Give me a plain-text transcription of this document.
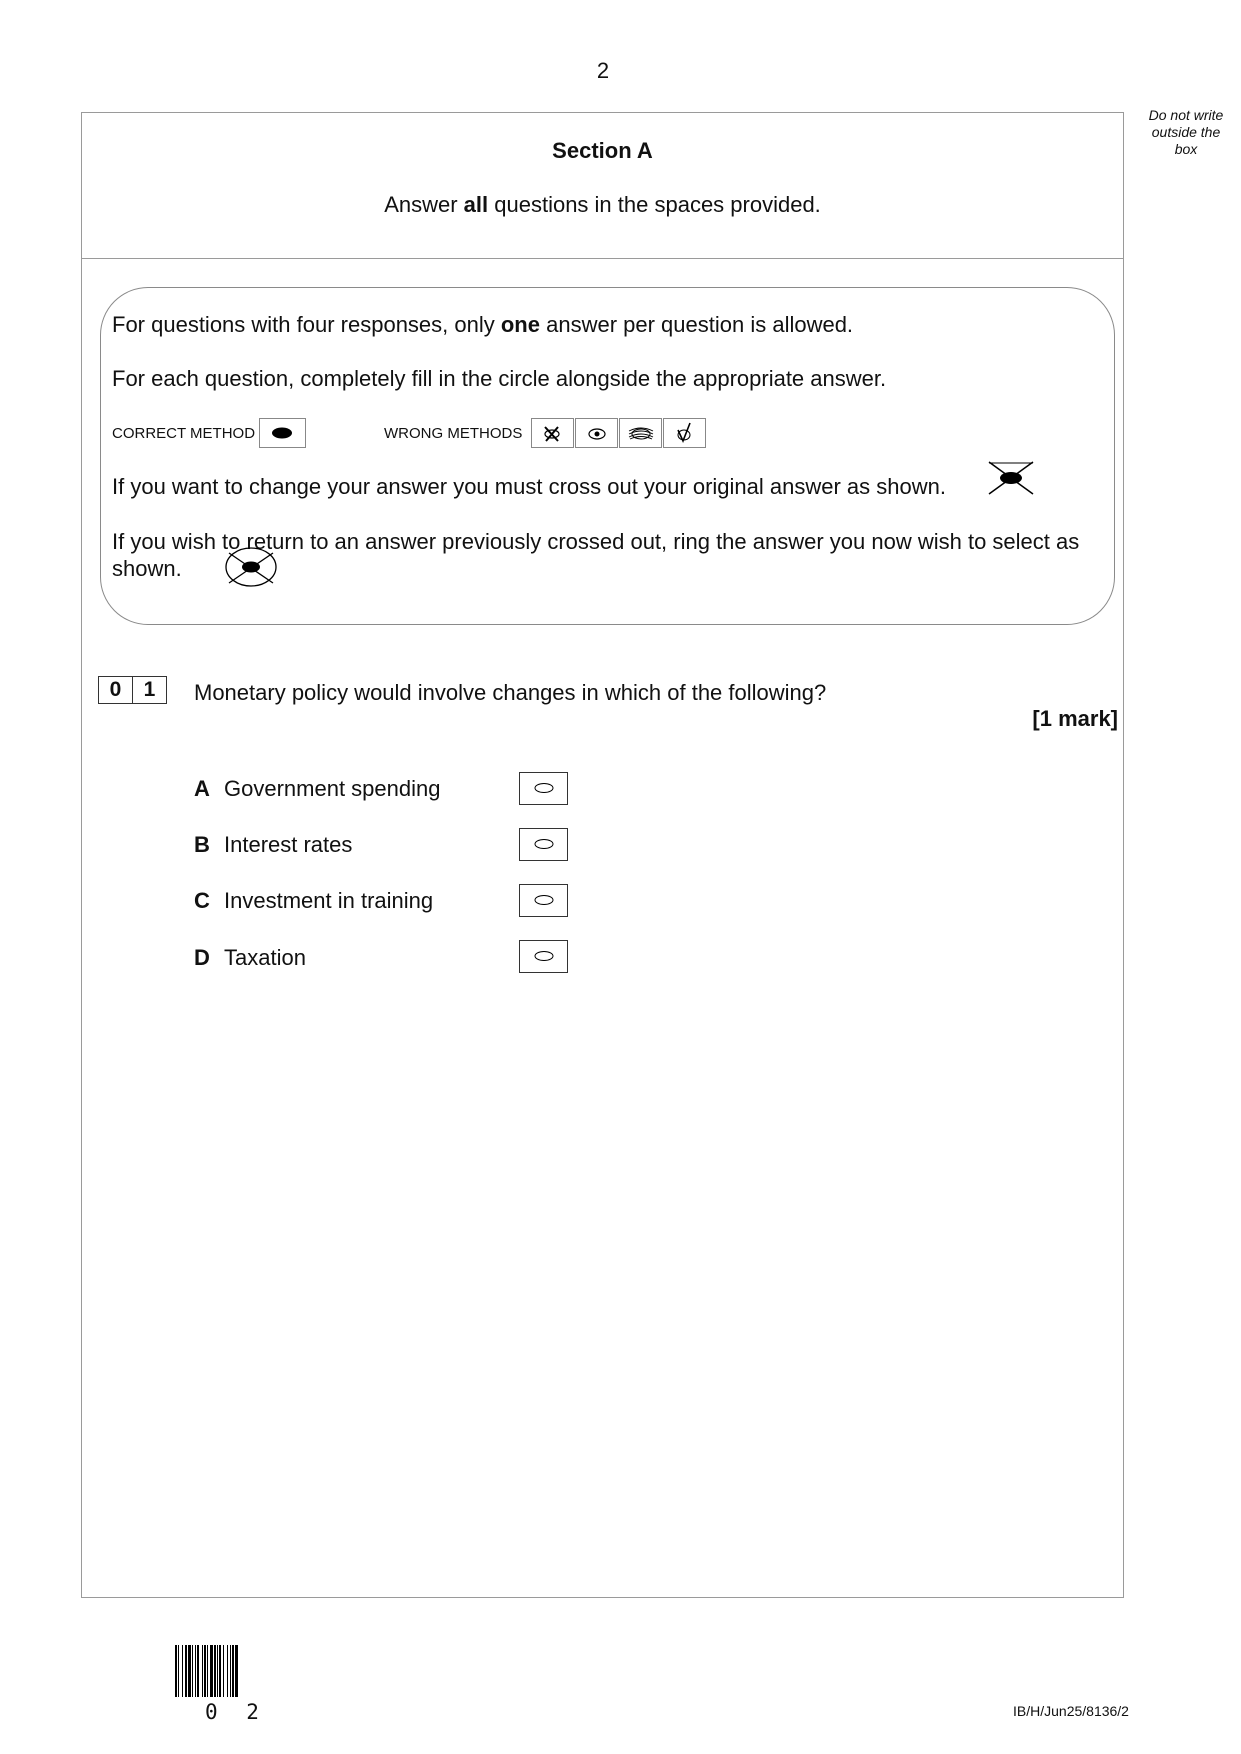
2
Do not write
outside the
box
Section A
Answer all questions in the spaces provided.
For questions with four responses, only one answer per question is allowed.
For each question, completely fill in the circle alongside the appropriate answer.
CORRECT METHOD	WRONG METHODS
If you want to change your answer you must cross out your original answer as shown.
If you wish to return to an answer previously crossed out, ring the answer you now wish to select as shown.
0	1	Monetary policy would involve changes in which of the following?
[1 mark]
A Government spending
B Interest rates
C Investment in training
D Taxation
0 2	IB/H/Jun25/8136/2
